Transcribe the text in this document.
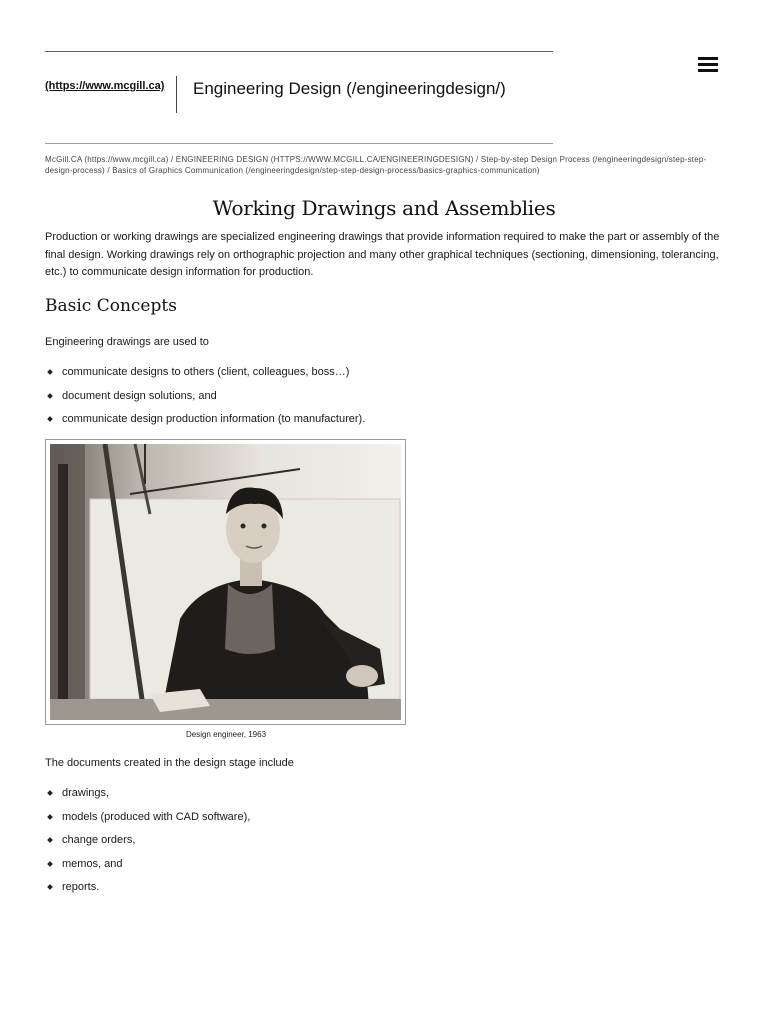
(https://www.mcgill.ca) Engineering Design (/engineeringdesign/)
McGill.CA (https://www.mcgill.ca) / ENGINEERING DESIGN (HTTPS://WWW.MCGILL.CA/ENGINEERINGDESIGN) / Step-by-step Design Process (/engineeringdesign/step-step-design-process) / Basics of Graphics Communication (/engineeringdesign/step-step-design-process/basics-graphics-communication)
Working Drawings and Assemblies

Production or working drawings are specialized engineering drawings that provide information required to make the part or assembly of the final design. Working drawings rely on orthographic projection and many other graphical techniques (sectioning, dimensioning, tolerancing, etc.) to communicate design information for production.

Basic Concepts

Engineering drawings are used to

communicate designs to others (client, colleagues, boss…)
document design solutions, and
communicate design production information (to manufacturer).
Design engineer, 1963

The documents created in the design stage include

drawings,
models (produced with CAD software),
change orders,
memos, and
reports.
